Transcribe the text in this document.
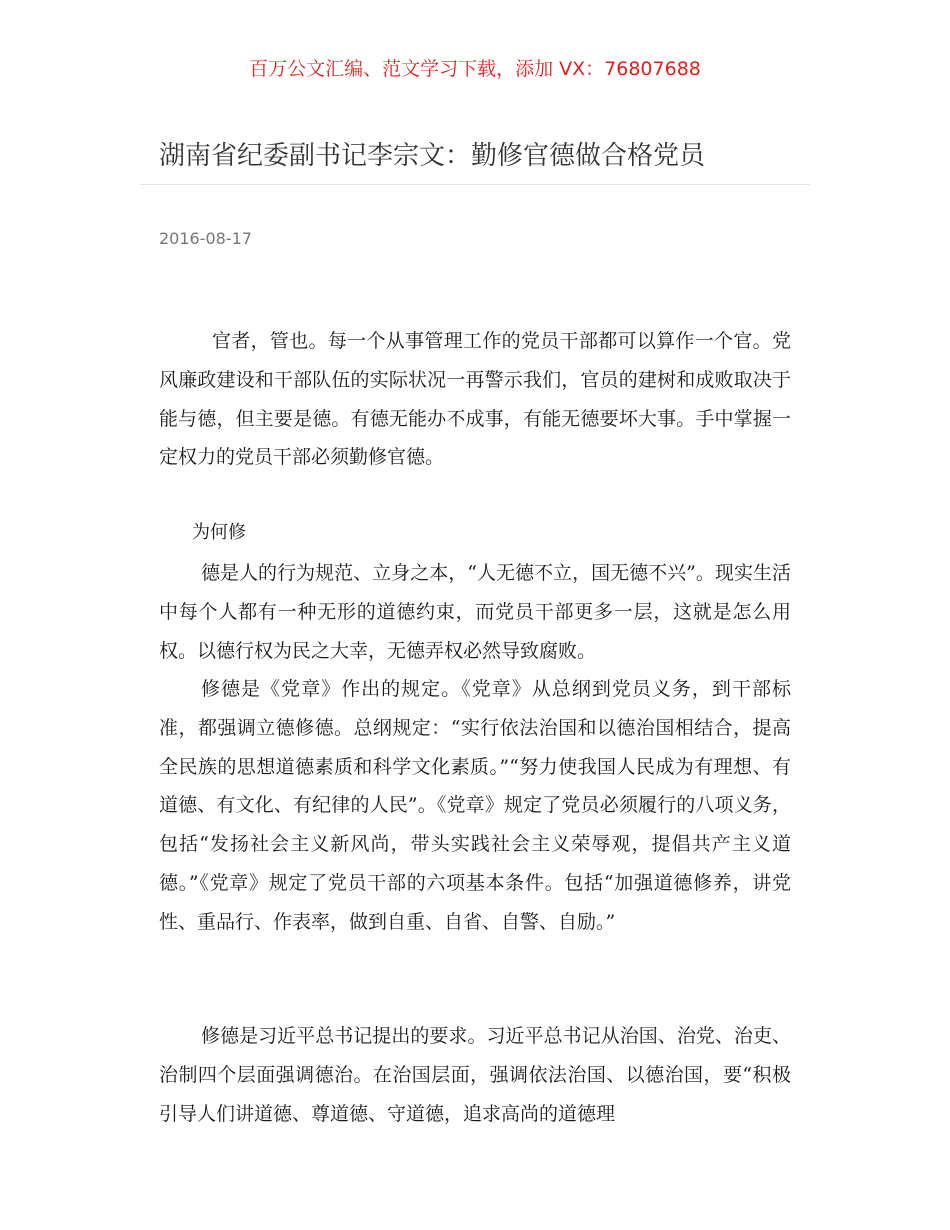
百万公文汇编、范文学习下载，添加 VX：76807688
湖南省纪委副书记李宗文：勤修官德做合格党员
2016-08-17

官者，管也。每一个从事管理工作的党员干部都可以算作一个官。党风廉政建设和干部队伍的实际状况一再警示我们，官员的建树和成败取决于能与德，但主要是德。有德无能办不成事，有能无德要坏大事。手中掌握一定权力的党员干部必须勤修官德。

为何修

德是人的行为规范、立身之本，“人无德不立，国无德不兴”。现实生活中每个人都有一种无形的道德约束，而党员干部更多一层，这就是怎么用权。以德行权为民之大幸，无德弄权必然导致腐败。

修德是《党章》作出的规定。《党章》从总纲到党员义务，到干部标准，都强调立德修德。总纲规定：“实行依法治国和以德治国相结合，提高全民族的思想道德素质和科学文化素质。”“努力使我国人民成为有理想、有道德、有文化、有纪律的人民”。《党章》规定了党员必须履行的八项义务，包括“发扬社会主义新风尚，带头实践社会主义荣辱观，提倡共产主义道德。”《党章》规定了党员干部的六项基本条件。包括“加强道德修养，讲党性、重品行、作表率，做到自重、自省、自警、自励。”

修德是习近平总书记提出的要求。习近平总书记从治国、治党、治吏、治制四个层面强调德治。在治国层面，强调依法治国、以德治国，要“积极引导人们讲道德、尊道德、守道德，追求高尚的道德理
